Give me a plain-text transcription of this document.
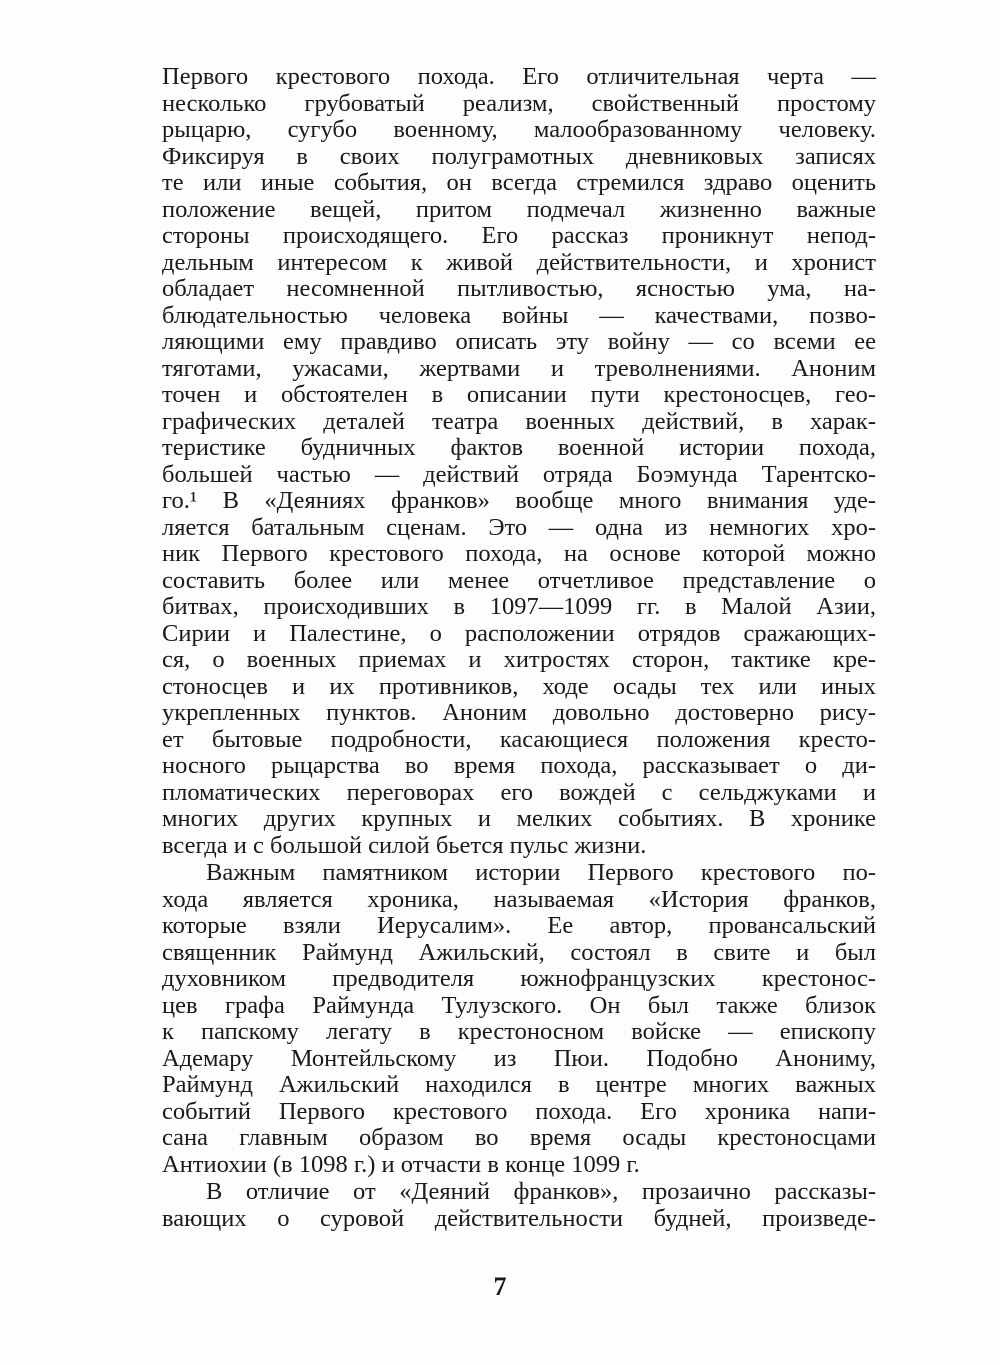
Первого крестового похода. Его отличительная черта —
несколько грубоватый реализм, свойственный простому
рыцарю, сугубо военному, малообразованному человеку.
Фиксируя в своих полуграмотных дневниковых записях
те или иные события, он всегда стремился здраво оценить
положение вещей, притом подмечал жизненно важные
стороны происходящего. Его рассказ проникнут непод-
дельным интересом к живой действительности, и хронист
обладает несомненной пытливостью, ясностью ума, на-
блюдательностью человека войны — качествами, позво-
ляющими ему правдиво описать эту войну — со всеми ее
тяготами, ужасами, жертвами и треволнениями. Аноним
точен и обстоятелен в описании пути крестоносцев, гео-
графических деталей театра военных действий, в харак-
теристике будничных фактов военной истории похода,
большей частью — действий отряда Боэмунда Тарентско-
го.¹ В «Деяниях франков» вообще много внимания уде-
ляется батальным сценам. Это — одна из немногих хро-
ник Первого крестового похода, на основе которой можно
составить более или менее отчетливое представление о
битвах, происходивших в 1097—1099 гг. в Малой Азии,
Сирии и Палестине, о расположении отрядов сражающих-
ся, о военных приемах и хитростях сторон, тактике кре-
стоносцев и их противников, ходе осады тех или иных
укрепленных пунктов. Аноним довольно достоверно рису-
ет бытовые подробности, касающиеся положения кресто-
носного рыцарства во время похода, рассказывает о ди-
пломатических переговорах его вождей с сельджуками и
многих других крупных и мелких событиях. В хронике
всегда и с большой силой бьется пульс жизни.
Важным памятником истории Первого крестового по-
хода является хроника, называемая «История франков,
которые взяли Иерусалим». Ее автор, провансальский
священник Раймунд Ажильский, состоял в свите и был
духовником предводителя южнофранцузских крестонос-
цев графа Раймунда Тулузского. Он был также близок
к папскому легату в крестоносном войске — епископу
Адемару Монтейльскому из Пюи. Подобно Анониму,
Раймунд Ажильский находился в центре многих важных
событий Первого крестового похода. Его хроника напи-
сана главным образом во время осады крестоносцами
Антиохии (в 1098 г.) и отчасти в конце 1099 г.
В отличие от «Деяний франков», прозаично рассказы-
вающих о суровой действительности будней, произведе-
7
